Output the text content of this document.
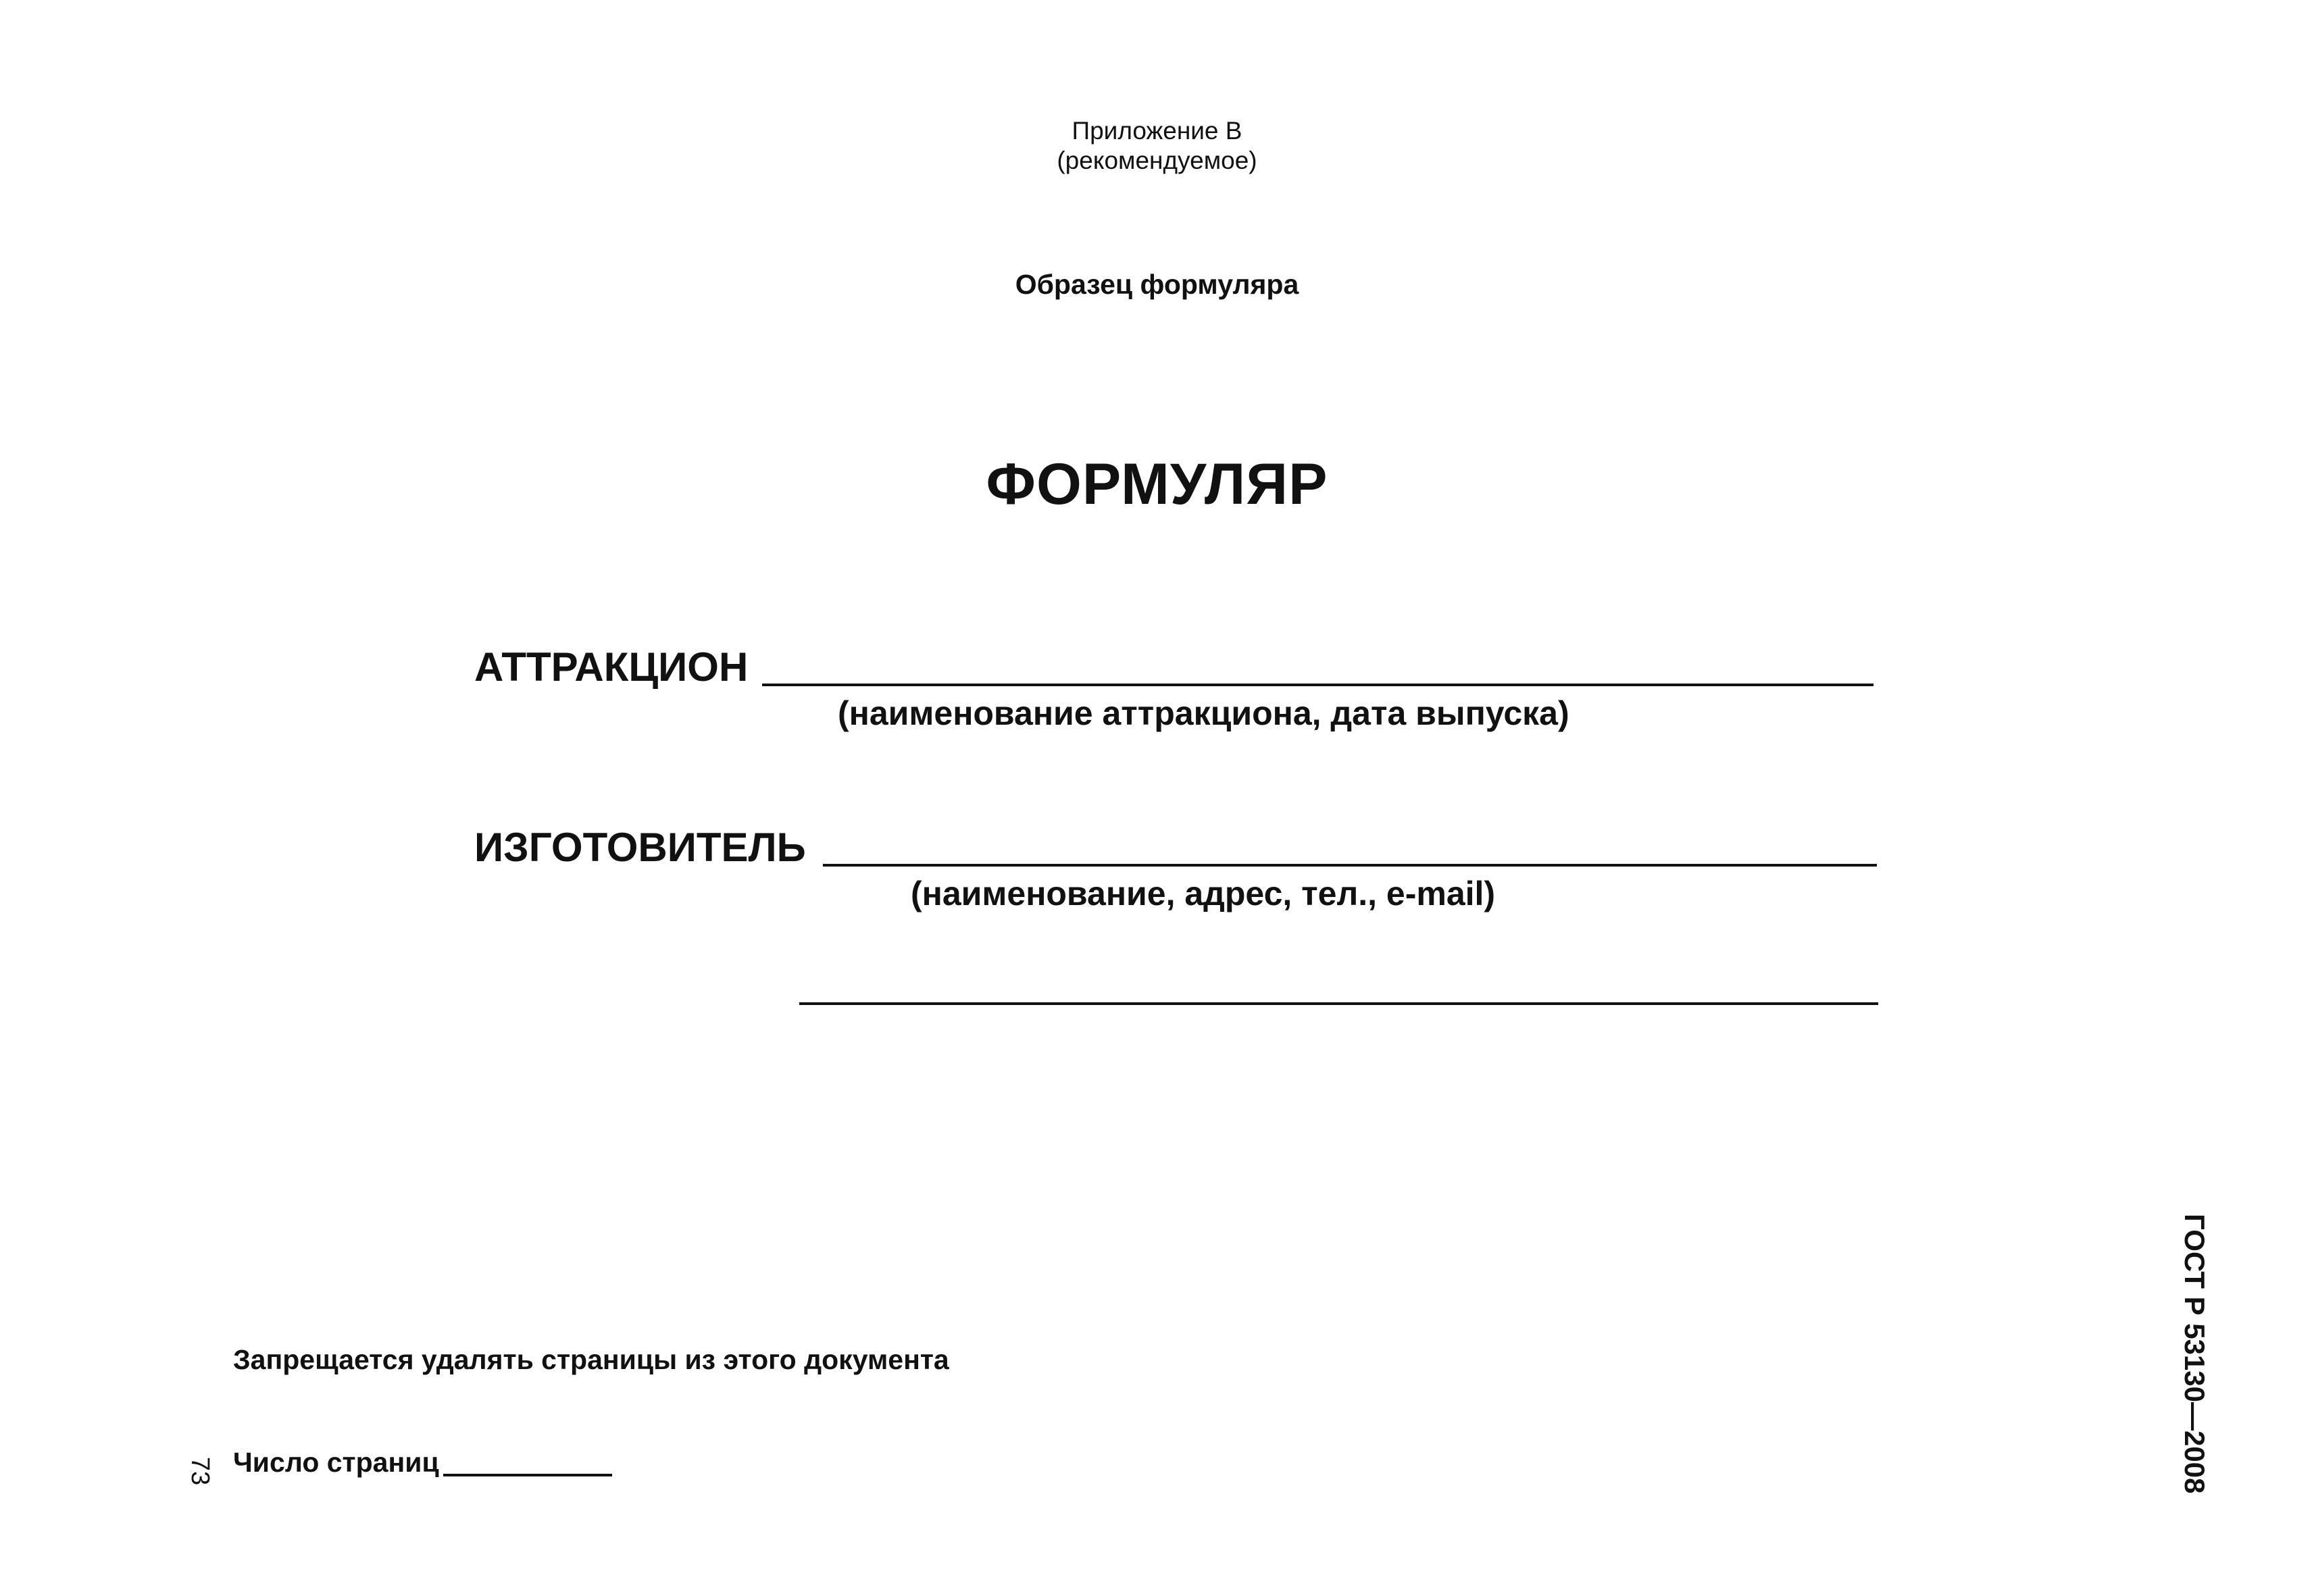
Приложение В
(рекомендуемое)
Образец формуляра
ФОРМУЛЯР
АТТРАКЦИОН
(наименование аттракциона, дата выпуска)
ИЗГОТОВИТЕЛЬ
(наименование, адрес, тел., e-mail)
Запрещается удалять страницы из этого документа
Число страниц
73	ГОСТ Р 53130—2008
